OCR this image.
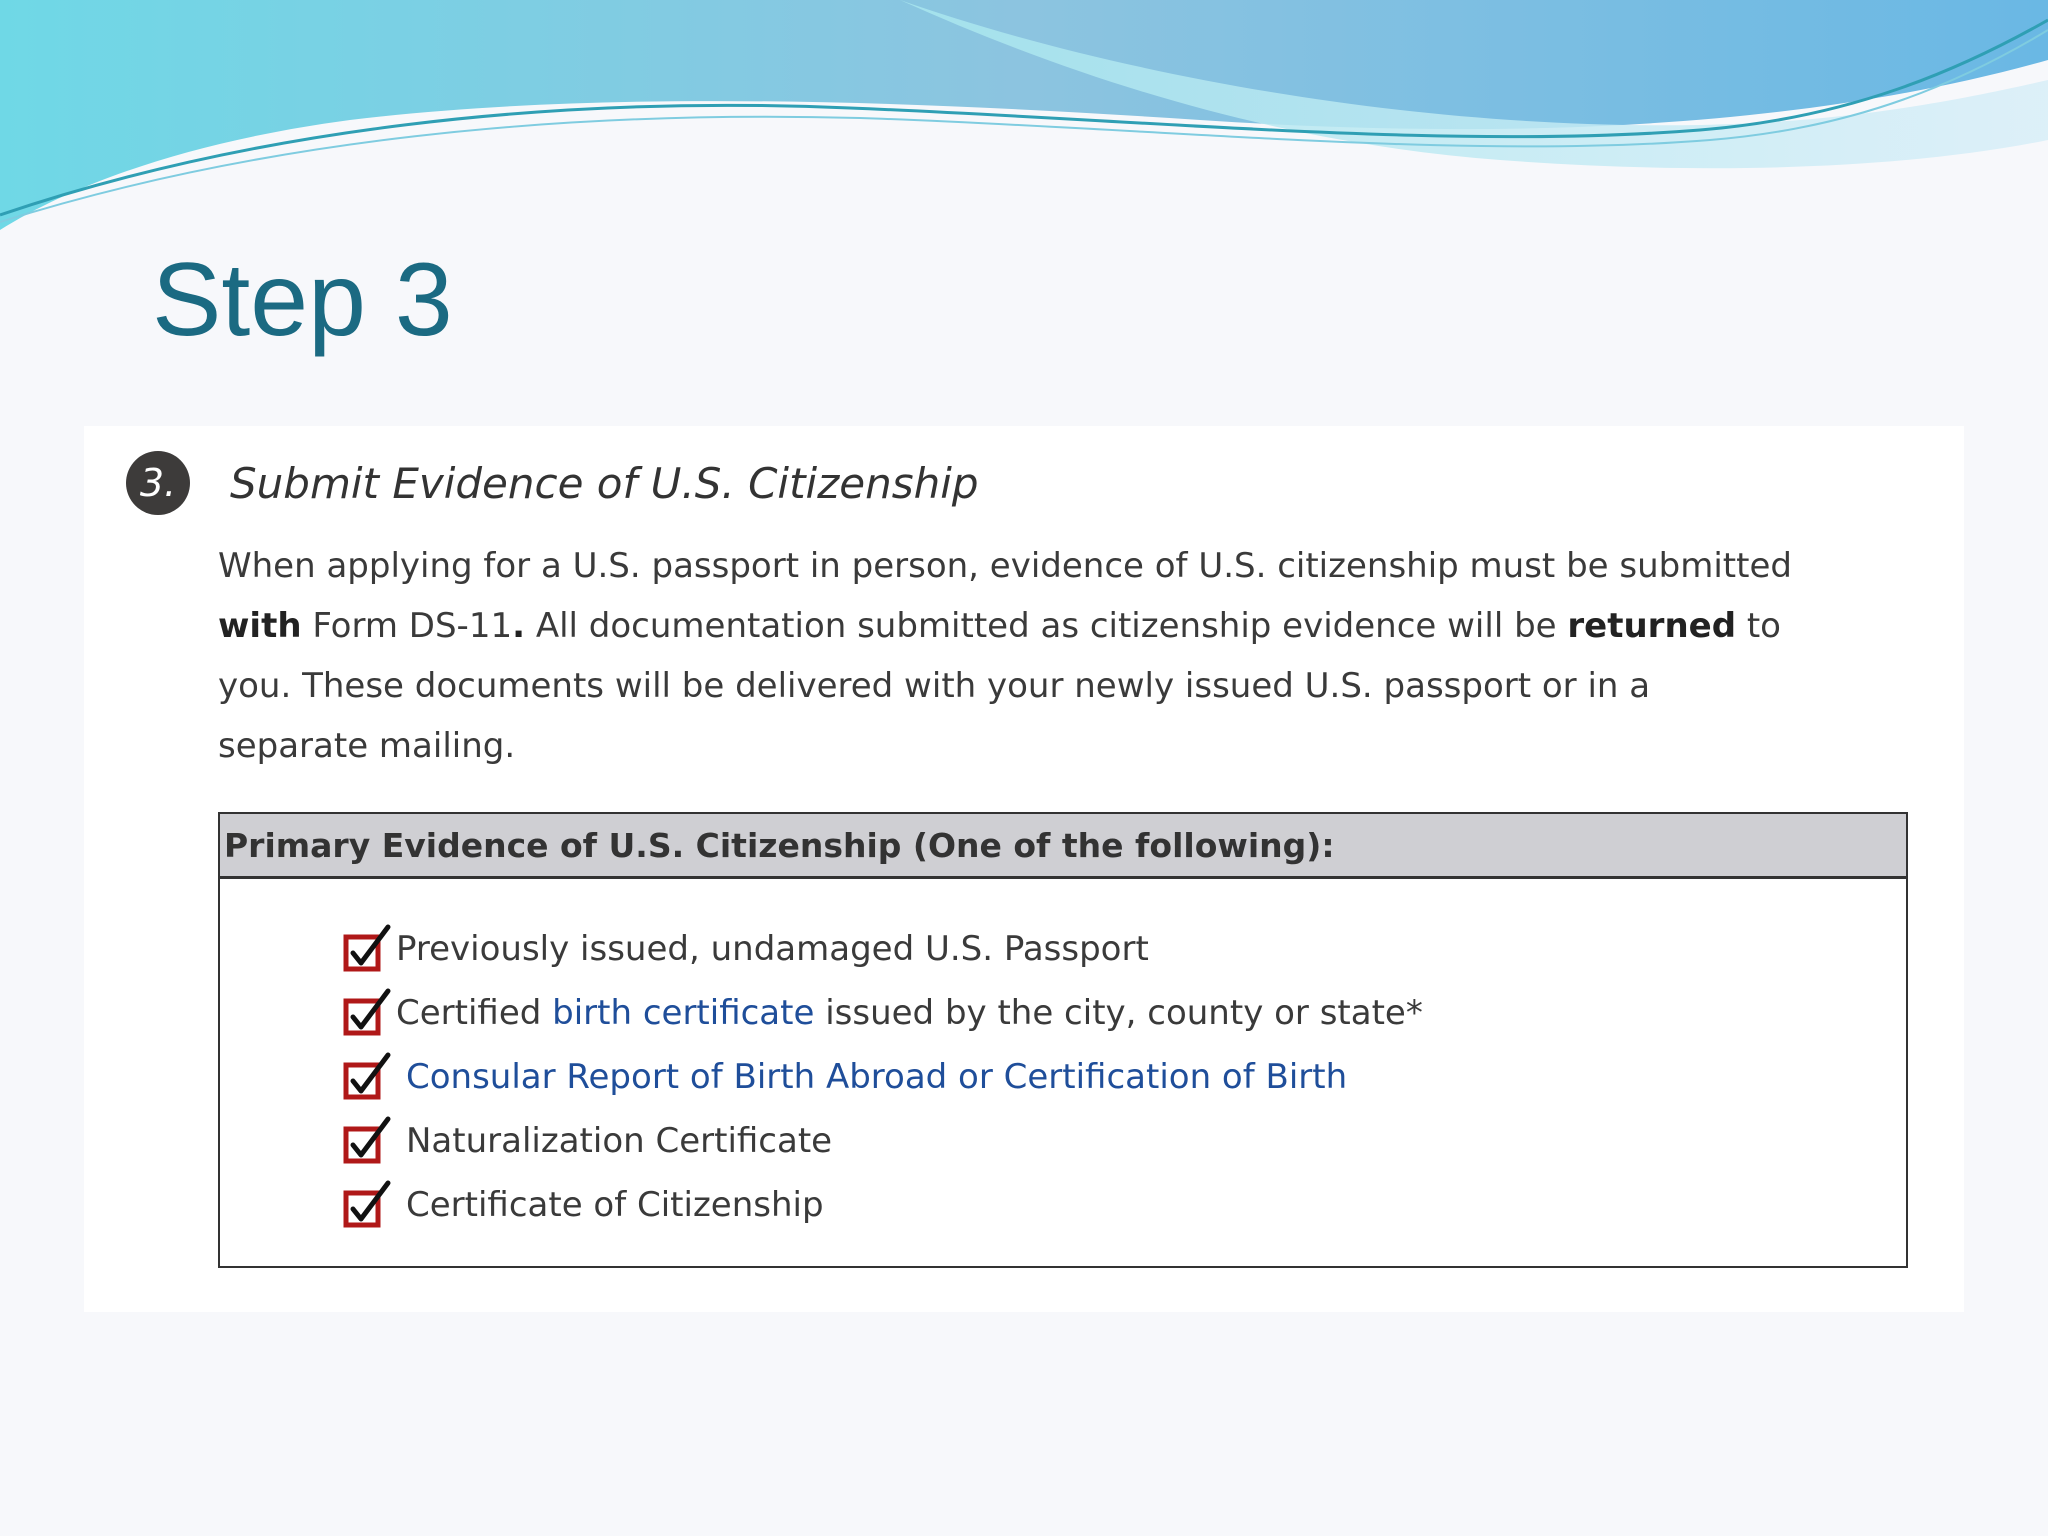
Step 3
3.	Submit Evidence of U.S. Citizenship

When applying for a U.S. passport in person, evidence of U.S. citizenship must be submitted with Form DS-11. All documentation submitted as citizenship evidence will be returned to you. These documents will be delivered with your newly issued U.S. passport or in a separate mailing.

Primary Evidence of U.S. Citizenship (One of the following):
Previously issued, undamaged U.S. Passport
Certified birth certificate issued by the city, county or state*
Consular Report of Birth Abroad or Certification of Birth
Naturalization Certificate
Certificate of Citizenship
